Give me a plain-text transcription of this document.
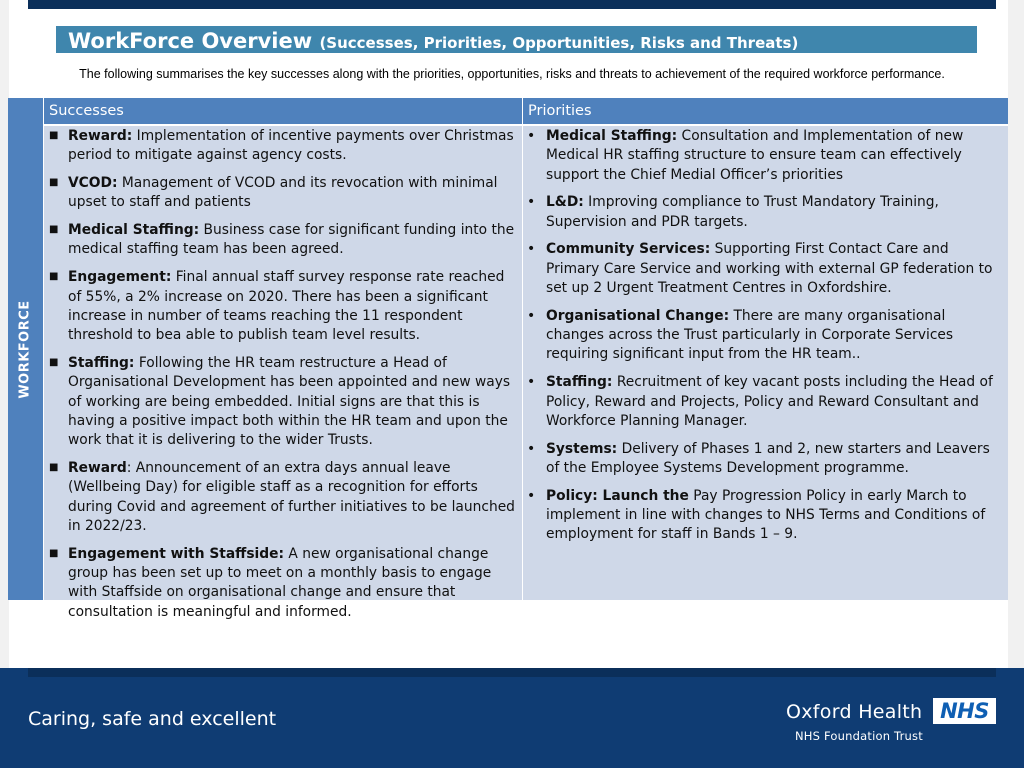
WorkForce Overview (Successes, Priorities, Opportunities, Risks and Threats)
The following summarises the key successes along with the priorities, opportunities, risks and threats to achievement of the required workforce performance.
WORKFORCE
Successes
■ Reward: Implementation of incentive payments over Christmas period to mitigate against agency costs.
■ VCOD: Management of VCOD and its revocation with minimal upset to staff and patients
■ Medical Staffing: Business case for significant funding into the medical staffing team has been agreed.
■ Engagement: Final annual staff survey response rate reached of 55%, a 2% increase on 2020. There has been a significant increase in number of teams reaching the 11 respondent threshold to bea able to publish team level results.
■ Staffing: Following the HR team restructure a Head of Organisational Development has been appointed and new ways of working are being embedded. Initial signs are that this is having a positive impact both within the HR team and upon the work that it is delivering to the wider Trusts.
■ Reward: Announcement of an extra days annual leave (Wellbeing Day) for eligible staff as a recognition for efforts during Covid and agreement of further initiatives to be launched in 2022/23.
■ Engagement with Staffside: A new organisational change group has been set up to meet on a monthly basis to engage with Staffside on organisational change and ensure that consultation is meaningful and informed.
Priorities
• Medical Staffing: Consultation and Implementation of new Medical HR staffing structure to ensure team can effectively support the Chief Medial Officer’s priorities
• L&D: Improving compliance to Trust Mandatory Training, Supervision and PDR targets.
• Community Services: Supporting First Contact Care and Primary Care Service and working with external GP federation to set up 2 Urgent Treatment Centres in Oxfordshire.
• Organisational Change: There are many organisational changes across the Trust particularly in Corporate Services requiring significant input from the HR team..
• Staffing: Recruitment of key vacant posts including the Head of Policy, Reward and Projects, Policy and Reward Consultant and Workforce Planning Manager.
• Systems: Delivery of Phases 1 and 2, new starters and Leavers of the Employee Systems Development programme.
• Policy: Launch the Pay Progression Policy in early March to implement in line with changes to NHS Terms and Conditions of employment for staff in Bands 1 – 9.
Caring, safe and excellent	Oxford Health
NHS Foundation Trust
NHS
